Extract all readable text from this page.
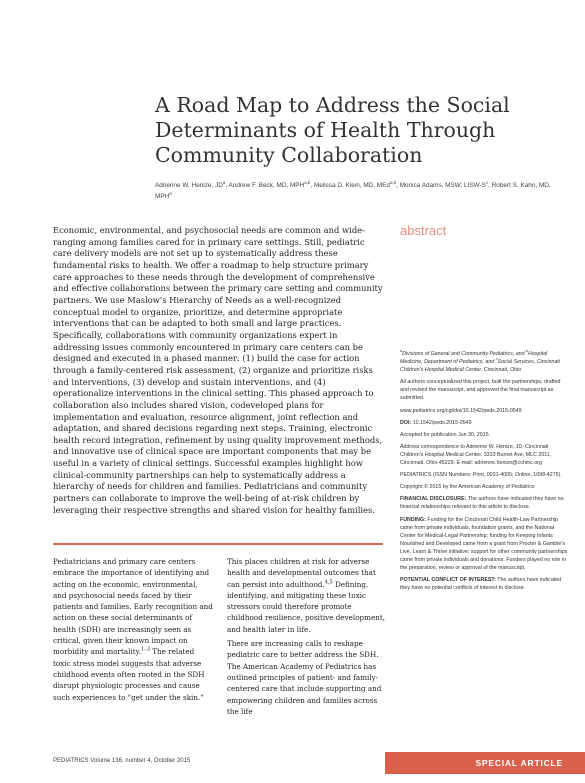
A Road Map to Address the Social Determinants of Health Through Community Collaboration
Adrienne W. Henize, $JD^a$, Andrew F. Beck, MD, MPH$^{a,b}$, Melissa D. Klein, MD, MEd$^{a,b}$, Monica Adams, MSW, LISW-$S^c$, Robert S. Kahn, MD, MPH$^a$
abstract
Economic, environmental, and psychosocial needs are common and wide-ranging among families cared for in primary care settings. Still, pediatric care delivery models are not set up to systematically address these fundamental risks to health. We offer a roadmap to help structure primary care approaches to these needs through the development of comprehensive and effective collaborations between the primary care setting and community partners. We use Maslow's Hierarchy of Needs as a well-recognized conceptual model to organize, prioritize, and determine appropriate interventions that can be adapted to both small and large practices. Specifically, collaborations with community organizations expert in addressing issues commonly encountered in primary care centers can be designed and executed in a phased manner: (1) build the case for action through a family-centered risk assessment, (2) organize and prioritize risks and interventions, (3) develop and sustain interventions, and (4) operationalize interventions in the clinical setting. This phased approach to collaboration also includes shared vision, codeveloped plans for implementation and evaluation, resource alignment, joint reflection and adaptation, and shared decisions regarding next steps. Training, electronic health record integration, refinement by using quality improvement methods, and innovative use of clinical space are important components that may be useful in a variety of clinical settings. Successful examples highlight how clinical-community partnerships can help to systematically address a hierarchy of needs for children and families. Pediatricians and community partners can collaborate to improve the well-being of at-risk children by leveraging their respective strengths and shared vision for healthy families.

$^a$Divisions of General and Community Pediatrics, and $^b$Hospital Medicine, Department of Pediatrics, and $^c$Social Services, Cincinnati Children's Hospital Medical Center, Cincinnati, Ohio

All authors conceptualized this project, built the partnerships, drafted and revised the manuscript, and approved the final manuscript as submitted.

www.pediatrics.org/cgi/doi/10.1542/peds.2015-0549

DOI: 10.1542/peds.2015-0549

Accepted for publication Jun 30, 2015

Address correspondence to Adrienne W. Henize, JD, Cincinnati Children's Hospital Medical Center, 3333 Burnet Ave, MLC 2011, Cincinnati, Ohio 45229. E-mail: adrienne.henize@cchmc.org

PEDIATRICS (ISSN Numbers: Print, 0031-4005; Online, 1098-4275).

Copyright © 2015 by the American Academy of Pediatrics

FINANCIAL DISCLOSURE: The authors have indicated they have no financial relationships relevant to this article to disclose.

FUNDING: Funding for the Cincinnati Child Health-Law Partnership came from private individuals, foundation grants, and the National Center for Medical-Legal Partnership; funding for Keeping Infants Nourished and Developed came from a grant from Procter & Gamble's Live, Learn & Thrive initiative; support for other community partnerships came from private individuals and donations. Funders played no role in the preparation, review or approval of the manuscript.

POTENTIAL CONFLICT OF INTEREST: The authors have indicated they have no potential conflicts of interest to disclose.

Pediatricians and primary care centers embrace the importance of identifying and acting on the economic, environmental, and psychosocial needs faced by their patients and families. Early recognition and action on these social determinants of health (SDH) are increasingly seen as critical, given their known impact on morbidity and mortality.$^{1-3}$ The related toxic stress model suggests that adverse childhood events often rooted in the SDH disrupt physiologic processes and cause such experiences to "get under the skin."

This places children at risk for adverse health and developmental outcomes that can persist into adulthood.$^{4,5}$ Defining, identifying, and mitigating these toxic stressors could therefore promote childhood resilience, positive development, and health later in life.

There are increasing calls to reshape pediatric care to better address the SDH. The American Academy of Pediatrics has outlined principles of patient- and family-centered care that include supporting and empowering children and families across the life

PEDIATRICS Volume 136, number 4, October 2015	SPECIAL ARTICLE
